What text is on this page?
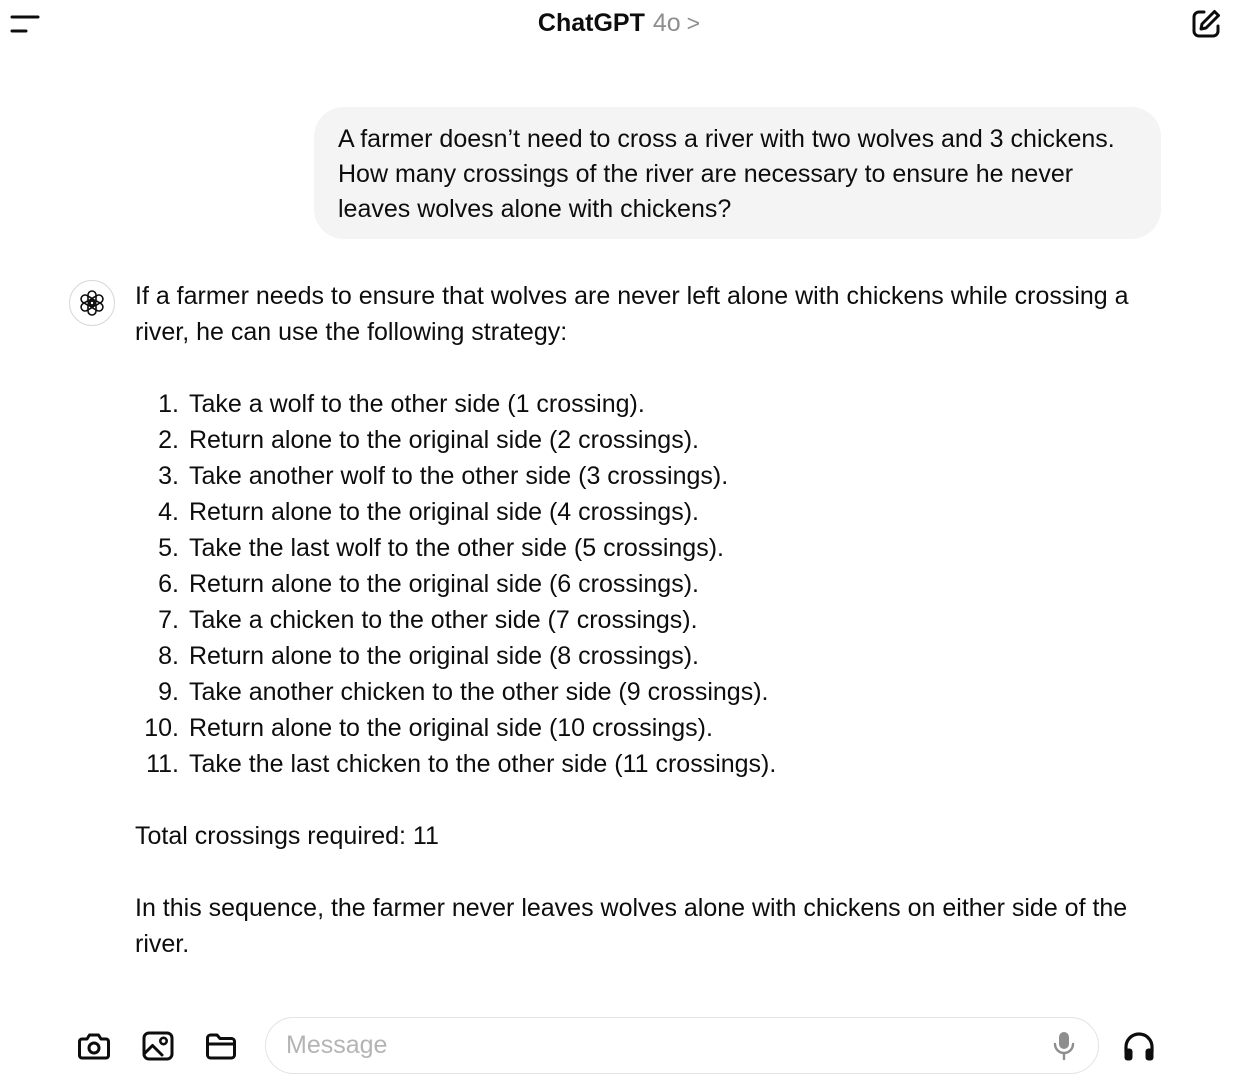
ChatGPT 4o >
A farmer doesn’t need to cross a river with two wolves and 3 chickens. How many crossings of the river are necessary to ensure he never leaves wolves alone with chickens?

If a farmer needs to ensure that wolves are never left alone with chickens while crossing a river, he can use the following strategy:

1. Take a wolf to the other side (1 crossing).
2. Return alone to the original side (2 crossings).
3. Take another wolf to the other side (3 crossings).
4. Return alone to the original side (4 crossings).
5. Take the last wolf to the other side (5 crossings).
6. Return alone to the original side (6 crossings).
7. Take a chicken to the other side (7 crossings).
8. Return alone to the original side (8 crossings).
9. Take another chicken to the other side (9 crossings).
10. Return alone to the original side (10 crossings).
11. Take the last chicken to the other side (11 crossings).

Total crossings required: 11

In this sequence, the farmer never leaves wolves alone with chickens on either side of the river.

Message
